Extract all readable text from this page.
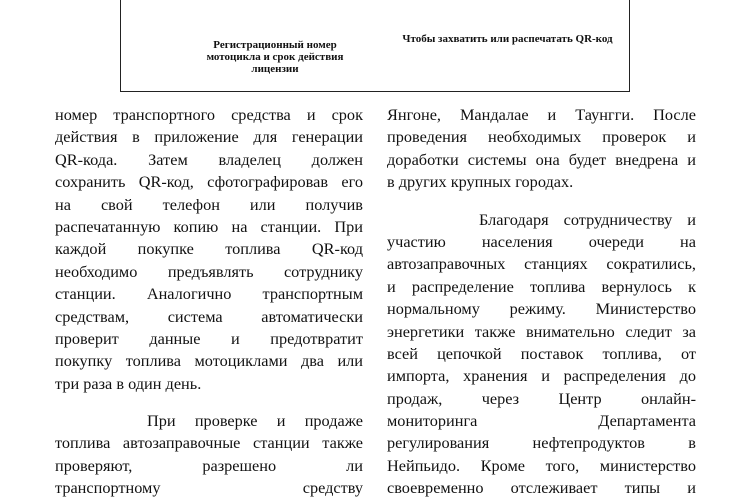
Регистрационный номер мотоцикла и срок действия лицензии
Чтобы захватить или распечатать QR-код
номер транспортного средства и срок
действия в приложение для генерации
QR-кода. Затем владелец должен
сохранить QR-код, сфотографировав его
на свой телефон или получив
распечатанную копию на станции. При
каждой покупке топлива QR-код
необходимо предъявлять сотруднику
станции. Аналогично транспортным
средствам, система автоматически
проверит данные и предотвратит
покупку топлива мотоциклами два или
три раза в один день.
При проверке и продаже
топлива автозаправочные станции также
проверяют, разрешено ли
транспортному средству
Янгоне, Мандалае и Таунгги. После
проведения необходимых проверок и
доработки системы она будет внедрена и
в других крупных городах.
Благодаря сотрудничеству и
участию населения очереди на
автозаправочных станциях сократились,
и распределение топлива вернулось к
нормальному режиму. Министерство
энергетики также внимательно следит за
всей цепочкой поставок топлива, от
импорта, хранения и распределения до
продаж, через Центр онлайн-
мониторинга Департамента
регулирования нефтепродуктов в
Нейпьидо. Кроме того, министерство
своевременно отслеживает типы и
